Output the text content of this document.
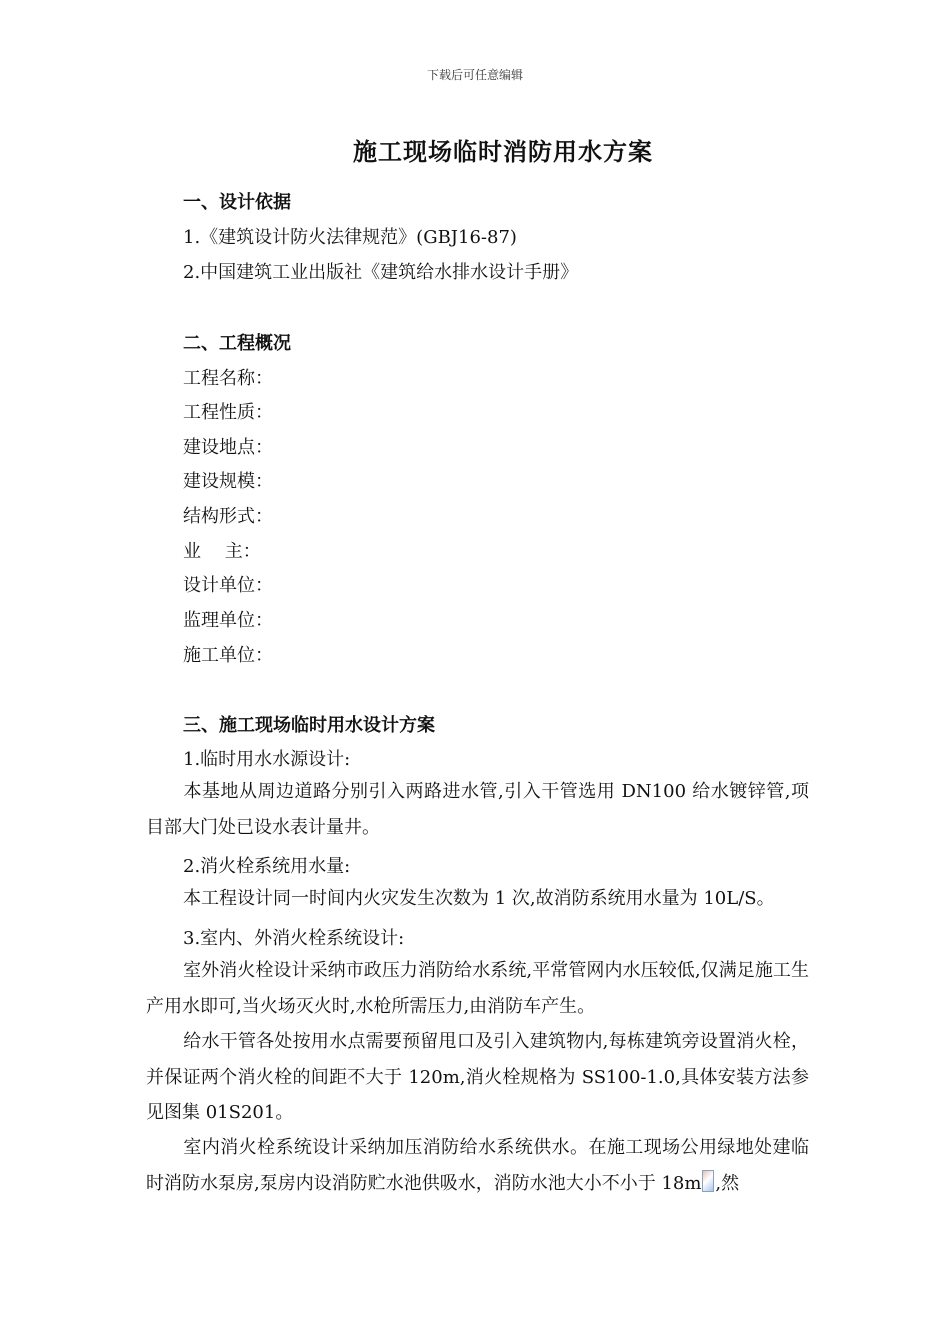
下载后可任意编辑
施工现场临时消防用水方案
一、设计依据
1.《建筑设计防火法律规范》(GBJ16-87)
2.中国建筑工业出版社《建筑给水排水设计手册》
二、工程概况
工程名称：
工程性质：
建设地点：
建设规模：
结构形式：
业　 主：
设计单位：
监理单位：
施工单位：
三、施工现场临时用水设计方案
1.临时用水水源设计:
本基地从周边道路分别引入两路进水管,引入干管选用 DN100 给水镀锌管,项目部大门处已设水表计量井。
2.消火栓系统用水量:
本工程设计同一时间内火灾发生次数为 1 次,故消防系统用水量为 10L/S。
3.室内、外消火栓系统设计:
室外消火栓设计采纳市政压力消防给水系统,平常管网内水压较低,仅满足施工生产用水即可,当火场灭火时,水枪所需压力,由消防车产生。
给水干管各处按用水点需要预留甩口及引入建筑物内,每栋建筑旁设置消火栓，并保证两个消火栓的间距不大于 120m,消火栓规格为 SS100-1.0,具体安装方法参见图集 01S201。
室内消火栓系统设计采纳加压消防给水系统供水。在施工现场公用绿地处建临时消防水泵房,泵房内设消防贮水池供吸水，消防水池大小不小于 18m ,然
